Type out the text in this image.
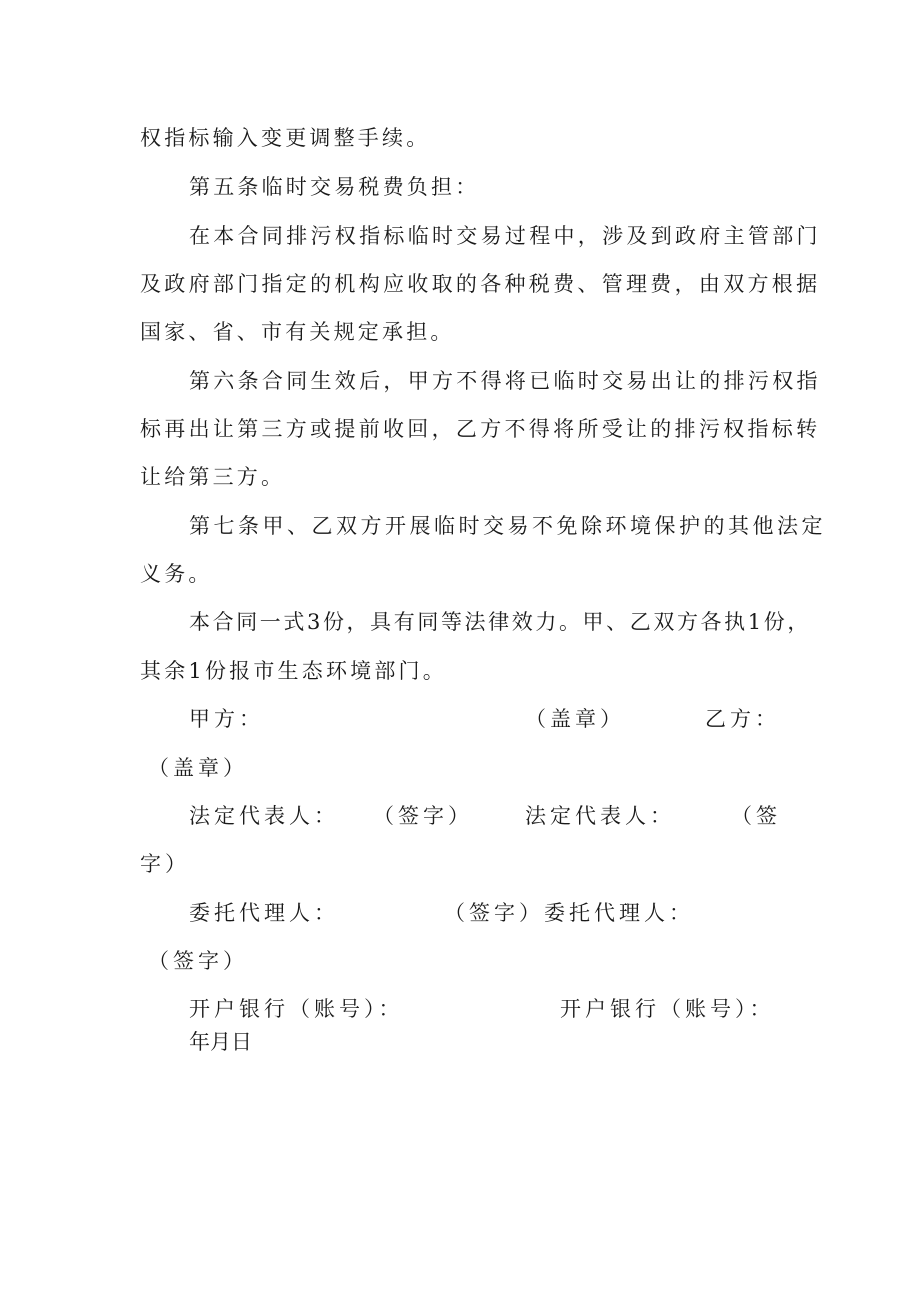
权指标输入变更调整手续。
第五条临时交易税费负担：
在本合同排污权指标临时交易过程中，涉及到政府主管部门
及政府部门指定的机构应收取的各种税费、管理费，由双方根据
国家、省、市有关规定承担。
第六条合同生效后，甲方不得将已临时交易出让的排污权指
标再出让第三方或提前收回，乙方不得将所受让的排污权指标转
让给第三方。
第七条甲、乙双方开展临时交易不免除环境保护的其他法定
义务。
本合同一式3份，具有同等法律效力。甲、乙双方各执1份，
其余1份报市生态环境部门。
甲方：	（盖章）	乙方：
（盖章）
法定代表人： （签字） 法定代表人：	（签
字）
委托代理人：	（签字）委托代理人：
（签字）
开户银行（账号）：	开户银行（账号）：
年月日
